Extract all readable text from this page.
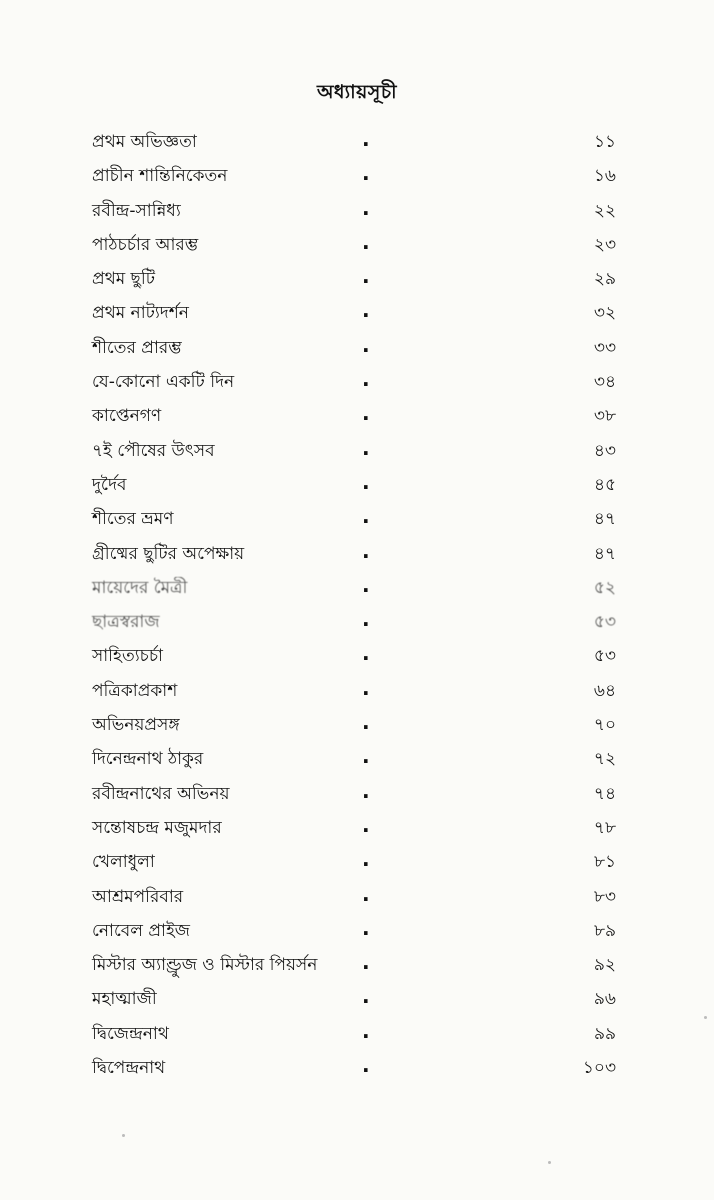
অধ্যায়সূচী
প্রথম অভিজ্ঞতা	.	১১
প্রাচীন শান্তিনিকেতন	.	১৬
রবীন্দ্র-সান্নিধ্য	.	২২
পাঠচর্চার আরম্ভ	.	২৩
প্রথম ছুটি	.	২৯
প্রথম নাট্যদর্শন	.	৩২
শীতের প্রারম্ভ	.	৩৩
যে-কোনো একটি দিন	.	৩৪
কাপ্তেনগণ	.	৩৮
৭ই পৌষের উৎসব	.	৪৩
দুর্দৈব	.	৪৫
শীতের ভ্রমণ	.	৪৭
গ্রীষ্মের ছুটির অপেক্ষায়	.	৪৭
মায়েদের মৈত্রী	.	৫২
ছাত্রস্বরাজ	.	৫৩
সাহিত্যচর্চা	.	৫৩
পত্রিকাপ্রকাশ	.	৬৪
অভিনয়প্রসঙ্গ	.	৭০
দিনেন্দ্রনাথ ঠাকুর	.	৭২
রবীন্দ্রনাথের অভিনয়	.	৭৪
সন্তোষচন্দ্র মজুমদার	.	৭৮
খেলাধুলা	.	৮১
আশ্রমপরিবার	.	৮৩
নোবেল প্রাইজ	.	৮৯
মিস্টার অ্যাণ্ড্রুজ ও মিস্টার পিয়র্সন .	৯২
মহাত্মাজী	.	৯৬
দ্বিজেন্দ্রনাথ	.	৯৯
দ্বিপেন্দ্রনাথ	.	১০৩
